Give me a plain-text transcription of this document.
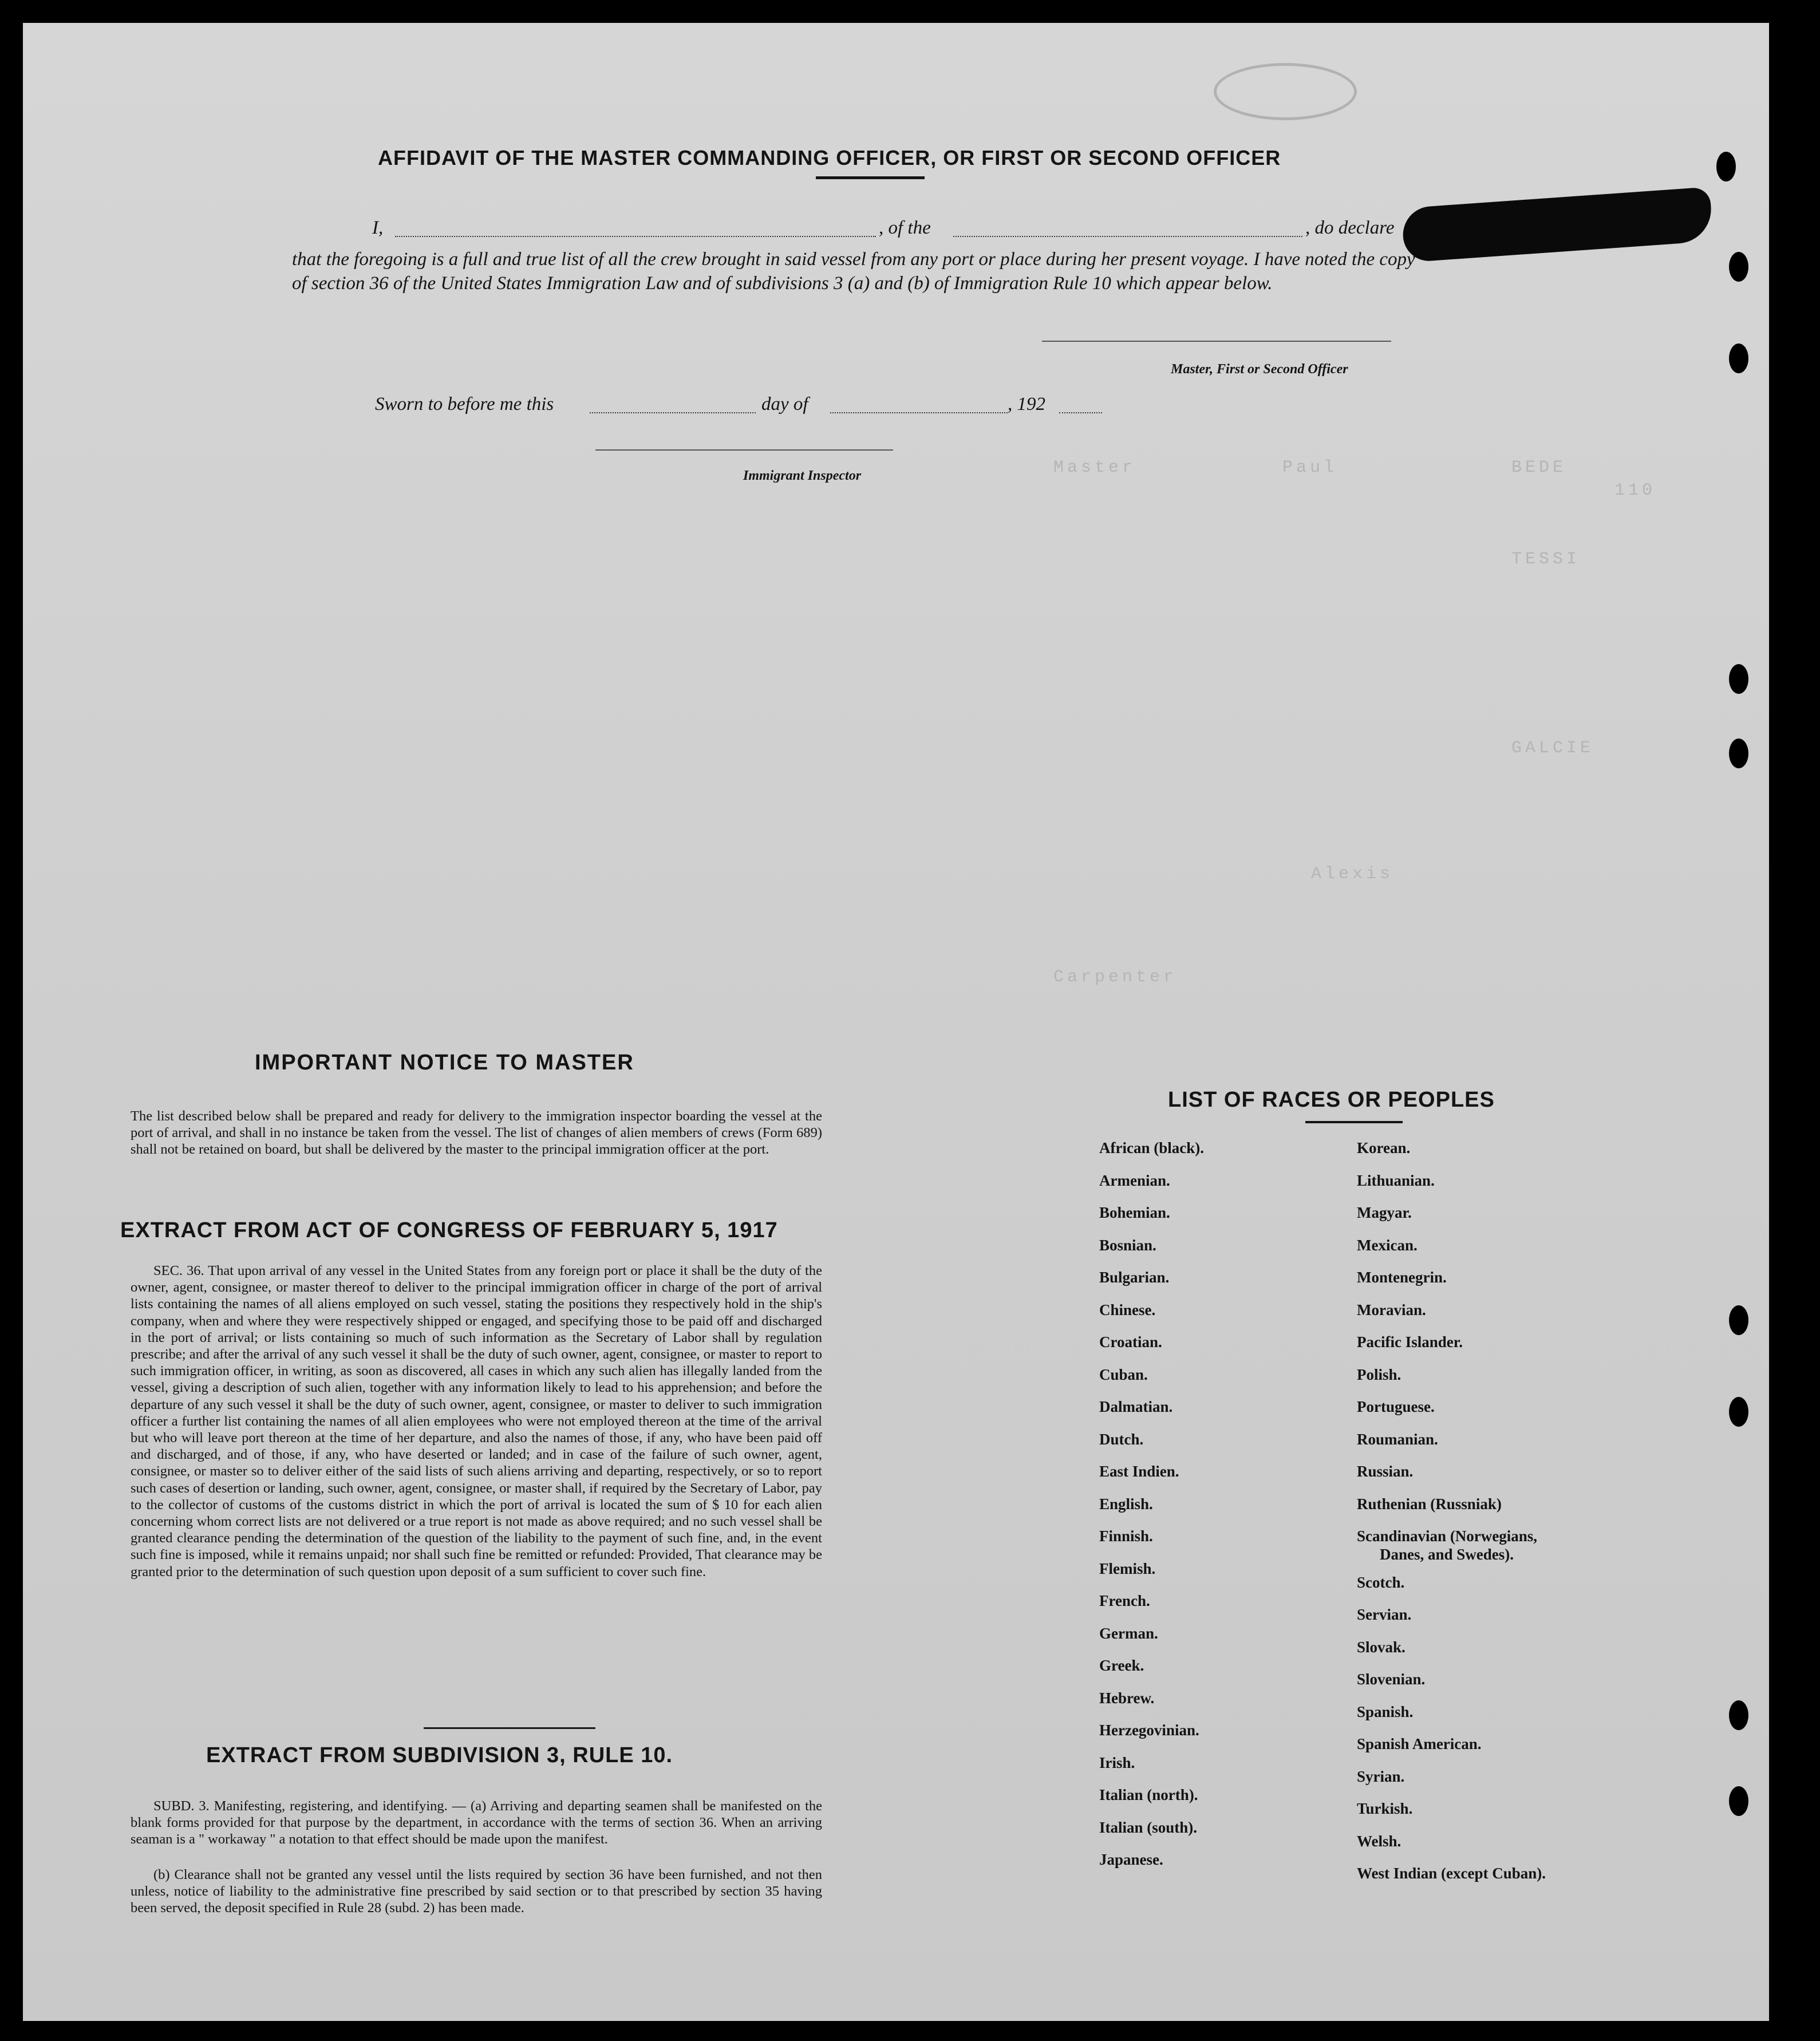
BEDE
TESSI
GALCIE
Paul
Master
110
Alexis
Carpenter
AFFIDAVIT OF THE MASTER COMMANDING OFFICER, OR FIRST OR SECOND OFFICER
I,	, of the	, do declare
that the foregoing is a full and true list of all the crew brought in said vessel from any port or place during her present voyage. I have noted the copy of section 36 of the United States Immigration Law and of subdivisions 3 (a) and (b) of Immigration Rule 10 which appear below.
Master, First or Second Officer
Sworn to before me this	day of	, 192
Immigrant Inspector
IMPORTANT NOTICE TO MASTER
The list described below shall be prepared and ready for delivery to the immigration inspector boarding the vessel at the port of arrival, and shall in no instance be taken from the vessel. The list of changes of alien members of crews (Form 689) shall not be retained on board, but shall be delivered by the master to the principal immigration officer at the port.
EXTRACT FROM ACT OF CONGRESS OF FEBRUARY 5, 1917
SEC. 36. That upon arrival of any vessel in the United States from any foreign port or place it shall be the duty of the owner, agent, consignee, or master thereof to deliver to the principal immigration officer in charge of the port of arrival lists containing the names of all aliens employed on such vessel, stating the positions they respectively hold in the ship's company, when and where they were respectively shipped or engaged, and specifying those to be paid off and discharged in the port of arrival; or lists containing so much of such information as the Secretary of Labor shall by regulation prescribe; and after the arrival of any such vessel it shall be the duty of such owner, agent, consignee, or master to report to such immigration officer, in writing, as soon as discovered, all cases in which any such alien has illegally landed from the vessel, giving a description of such alien, together with any information likely to lead to his apprehension; and before the departure of any such vessel it shall be the duty of such owner, agent, consignee, or master to deliver to such immigration officer a further list containing the names of all alien employees who were not employed thereon at the time of the arrival but who will leave port thereon at the time of her departure, and also the names of those, if any, who have been paid off and discharged, and of those, if any, who have deserted or landed; and in case of the failure of such owner, agent, consignee, or master so to deliver either of the said lists of such aliens arriving and departing, respectively, or so to report such cases of desertion or landing, such owner, agent, consignee, or master shall, if required by the Secretary of Labor, pay to the collector of customs of the customs district in which the port of arrival is located the sum of $ 10 for each alien concerning whom correct lists are not delivered or a true report is not made as above required; and no such vessel shall be granted clearance pending the determination of the question of the liability to the payment of such fine, and, in the event such fine is imposed, while it remains unpaid; nor shall such fine be remitted or refunded: Provided, That clearance may be granted prior to the determination of such question upon deposit of a sum sufficient to cover such fine.
EXTRACT FROM SUBDIVISION 3, RULE 10.
SUBD. 3. Manifesting, registering, and identifying. — (a) Arriving and departing seamen shall be manifested on the blank forms provided for that purpose by the department, in accordance with the terms of section 36. When an arriving seaman is a " workaway " a notation to that effect should be made upon the manifest.
(b) Clearance shall not be granted any vessel until the lists required by section 36 have been furnished, and not then unless, notice of liability to the administrative fine prescribed by said section or to that prescribed by section 35 having been served, the deposit specified in Rule 28 (subd. 2) has been made.
LIST OF RACES OR PEOPLES
African (black).
Armenian.
Bohemian.
Bosnian.
Bulgarian.
Chinese.
Croatian.
Cuban.
Dalmatian.
Dutch.
East Indien.
English.
Finnish.
Flemish.
French.
German.
Greek.
Hebrew.
Herzegovinian.
Irish.
Italian (north).
Italian (south).
Japanese.
Korean.
Lithuanian.
Magyar.
Mexican.
Montenegrin.
Moravian.
Pacific Islander.
Polish.
Portuguese.
Roumanian.
Russian.
Ruthenian (Russniak)
Scandinavian (Norwegians,
Danes, and Swedes).
Scotch.
Servian.
Slovak.
Slovenian.
Spanish.
Spanish American.
Syrian.
Turkish.
Welsh.
West Indian (except Cuban).
